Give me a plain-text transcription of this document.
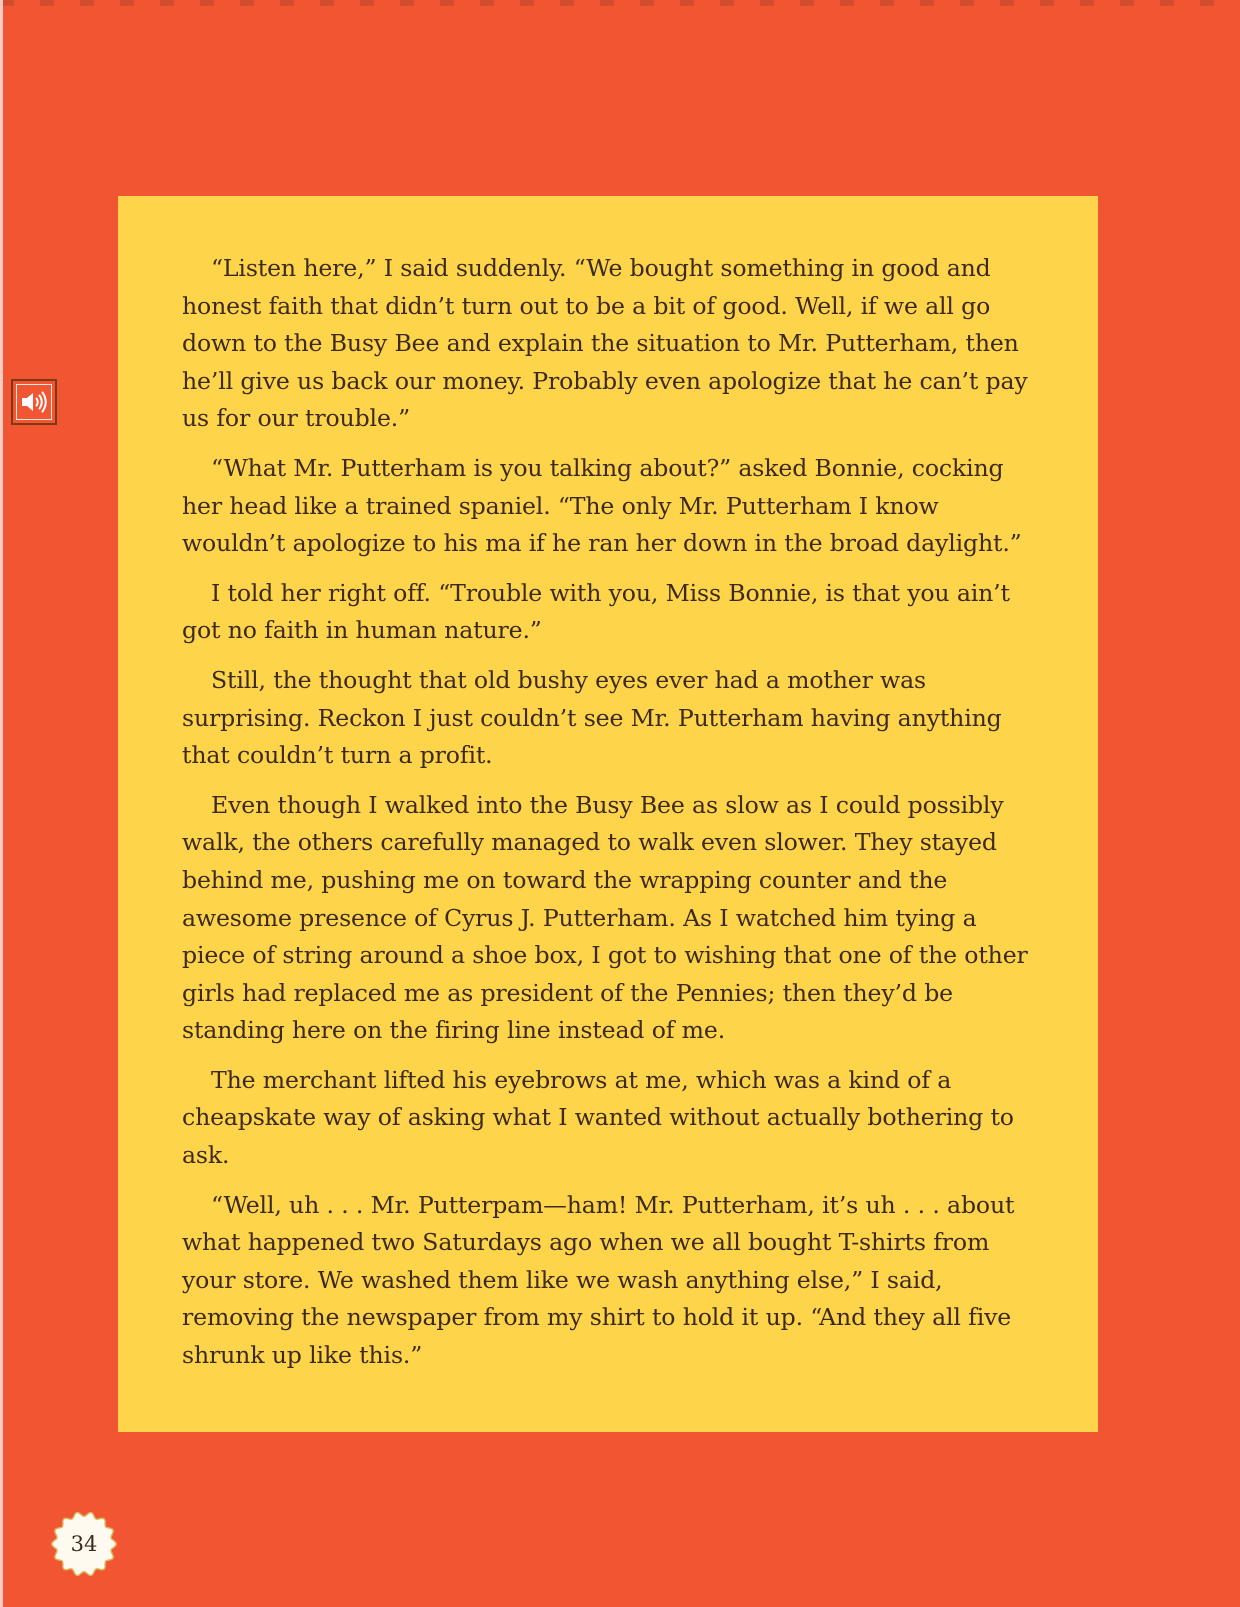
“Listen here,” I said suddenly. “We bought something in good and honest faith that didn’t turn out to be a bit of good. Well, if we all go down to the Busy Bee and explain the situation to Mr. Putterham, then he’ll give us back our money. Probably even apologize that he can’t pay us for our trouble.”

“What Mr. Putterham is you talking about?” asked Bonnie, cocking her head like a trained spaniel. “The only Mr. Putterham I know wouldn’t apologize to his ma if he ran her down in the broad daylight.”

I told her right off. “Trouble with you, Miss Bonnie, is that you ain’t got no faith in human nature.”

Still, the thought that old bushy eyes ever had a mother was surprising. Reckon I just couldn’t see Mr. Putterham having anything that couldn’t turn a profit.

Even though I walked into the Busy Bee as slow as I could possibly walk, the others carefully managed to walk even slower. They stayed behind me, pushing me on toward the wrapping counter and the awesome presence of Cyrus J. Putterham. As I watched him tying a piece of string around a shoe box, I got to wishing that one of the other girls had replaced me as president of the Pennies; then they’d be standing here on the firing line instead of me.

The merchant lifted his eyebrows at me, which was a kind of a cheapskate way of asking what I wanted without actually bothering to ask.

“Well, uh . . . Mr. Putterpam—ham! Mr. Putterham, it’s uh . . . about what happened two Saturdays ago when we all bought T-shirts from your store. We washed them like we wash anything else,” I said, removing the newspaper from my shirt to hold it up. “And they all five shrunk up like this.”

34
